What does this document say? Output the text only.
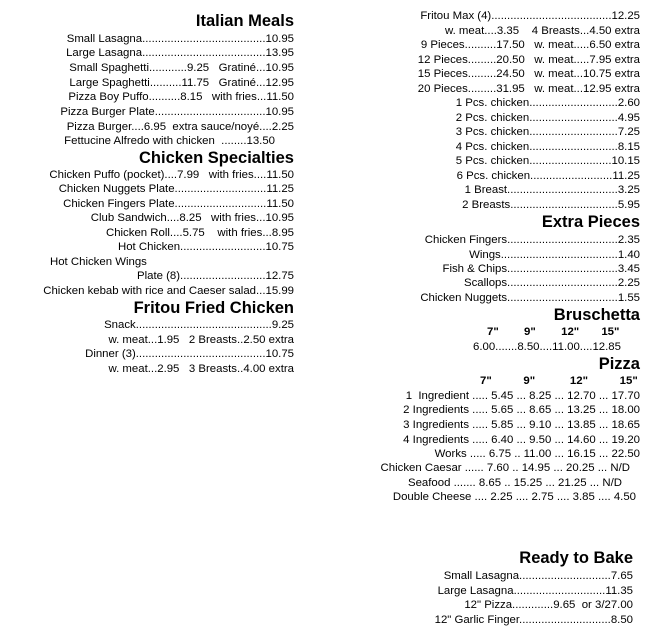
Italian Meals
Small Lasagna.......................................10.95
Large Lasagna.......................................13.95
Small Spaghetti............9.25   Gratiné...10.95
Large Spaghetti..........11.75   Gratiné...12.95
Pizza Boy Puffo..........8.15   with fries...11.50
Pizza Burger Plate...................................10.95
Pizza Burger....6.95  extra sauce/noyé....2.25
Fettucine Alfredo with chicken  ........13.50
Chicken Specialties
Chicken Puffo (pocket)....7.99   with fries....11.50
Chicken Nuggets Plate.............................11.25
Chicken Fingers Plate.............................11.50
Club Sandwich....8.25   with fries...10.95
Chicken Roll....5.75    with fries...8.95
Hot Chicken...........................10.75
Hot Chicken Wings
Plate (8)...........................12.75
Chicken kebab with rice and Caeser salad...15.99
Fritou Fried Chicken
Snack...........................................9.25
w. meat...1.95   2 Breasts..2.50 extra
Dinner (3).........................................10.75
w. meat...2.95   3 Breasts..4.00 extra
Fritou Max (4)......................................12.25
w. meat....3.35    4 Breasts...4.50 extra
9 Pieces..........17.50   w. meat.....6.50 extra
12 Pieces.........20.50   w. meat.....7.95 extra
15 Pieces.........24.50   w. meat...10.75 extra
20 Pieces.........31.95   w. meat...12.95 extra
1 Pcs. chicken............................2.60
2 Pcs. chicken............................4.95
3 Pcs. chicken............................7.25
4 Pcs. chicken............................8.15
5 Pcs. chicken..........................10.15
6 Pcs. chicken..........................11.25
1 Breast...................................3.25
2 Breasts..................................5.95
Extra Pieces
Chicken Fingers...................................2.35
Wings.....................................1.40
Fish & Chips...................................3.45
Scallops...................................2.25
Chicken Nuggets...................................1.55
Bruschetta
7"        9"        12"       15"
6.00.......8.50....11.00....12.85
Pizza
7"          9"           12"          15"
1  Ingredient ..... 5.45 ... 8.25 ... 12.70 ... 17.70
2 Ingredients ..... 5.65 ... 8.65 ... 13.25 ... 18.00
3 Ingredients ..... 5.85 ... 9.10 ... 13.85 ... 18.65
4 Ingredients ..... 6.40 ... 9.50 ... 14.60 ... 19.20
Works ..... 6.75 .. 11.00 ... 16.15 ... 22.50
Chicken Caesar ...... 7.60 .. 14.95 ... 20.25 ... N/D
Seafood ....... 8.65 .. 15.25 ... 21.25 ... N/D
Double Cheese .... 2.25 .... 2.75 .... 3.85 .... 4.50
Ready to Bake
Small Lasagna.............................7.65
Large Lasagna.............................11.35
12" Pizza.............9.65  or 3/27.00
12" Garlic Finger.............................8.50
